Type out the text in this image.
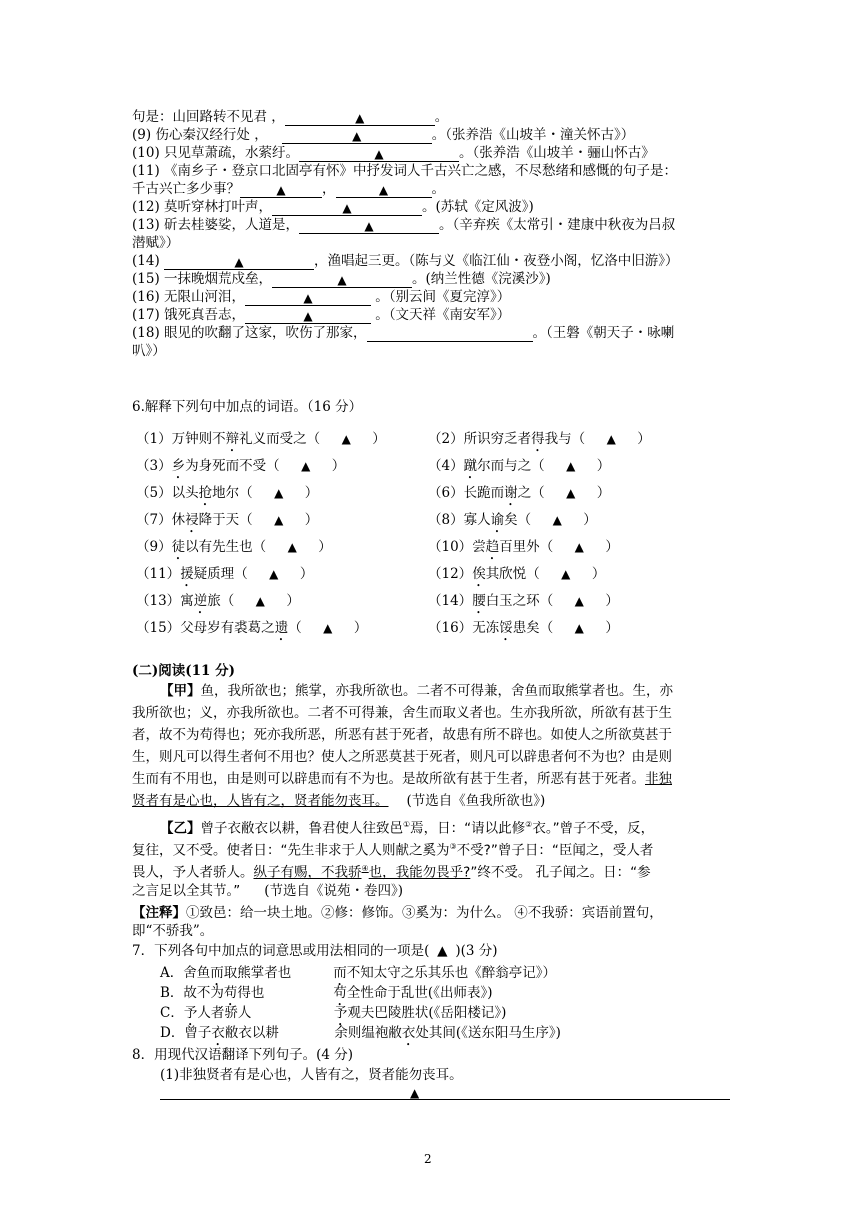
句是：山回路转不见君 ，	▲	。
(9) 伤心秦汉经行处 ，	▲	。（张养浩《山坡羊・潼关怀古》）
(10) 只见草萧疏，水萦纡。	▲	。（张养浩《山坡羊・骊山怀古》
(11) 《南乡子・登京口北固亭有怀》中抒发词人千古兴亡之感，不尽愁绪和感慨的句子是：
千古兴亡多少事？	▲	，	▲	。
(12) 莫听穿林打叶声，	▲	。(苏轼《定风波》)
(13) 斫去桂婆娑，人道是，	▲	。（辛弃疾《太常引・建康中秋夜为吕叔
潜赋》）
(14)	▲	，渔唱起三更。（陈与义《临江仙・夜登小阁，忆洛中旧游》）
(15) 一抹晚烟荒戍垒，	▲	。(纳兰性德《浣溪沙》)
(16) 无限山河泪，	▲	。（别云间《夏完淳》）
(17) 饿死真吾志，	▲	。（文天祥《南安军》）
(18) 眼见的吹翻了这家，吹伤了那家，	。（王磐《朝天子・咏喇
叭》）
6.解释下列句中加点的词语。（16 分）
（1）万钟则不辩礼义而受之（     ▲     ）	（2）所识穷乏者得我与（     ▲     ）
（3）乡为身死而不受（     ▲     ）	（4）蹴尔而与之（     ▲     ）
（5）以头抢地尔（     ▲     ）	（6）长跪而谢之（     ▲     ）
（7）休祲降于天（     ▲     ）	（8）寡人谕矣（     ▲     ）
（9）徒以有先生也（     ▲     ）	（10）尝趋百里外（     ▲     ）
（11）援疑质理（     ▲     ）	（12）俟其欣悦（     ▲     ）
（13）寓逆旅（     ▲     ）	（14）腰白玉之环（     ▲     ）
（15）父母岁有裘葛之遗（     ▲     ）	（16）无冻馁患矣（     ▲     ）
(二)阅读(11 分)
【甲】鱼，我所欲也；熊掌，亦我所欲也。二者不可得兼，舍鱼而取熊掌者也。生，亦
我所欲也；义，亦我所欲也。二者不可得兼，舍生而取义者也。生亦我所欲，所欲有甚于生
者，故不为苟得也；死亦我所恶，所恶有甚于死者，故患有所不辟也。如使人之所欲莫甚于
生，则凡可以得生者何不用也？使人之所恶莫甚于死者，则凡可以辟患者何不为也？由是则
生而有不用也，由是则可以辟患而有不为也。是故所欲有甚于生者，所恶有甚于死者。非独
贤者有是心也，人皆有之，贤者能勿丧耳。 (节选自《鱼我所欲也》)
【乙】曾子衣敝衣以耕，鲁君使人往致邑①焉，日：“请以此修②衣。”曾子不受，反，
复往，又不受。使者日：“先生非求于人人则献之奚为③不受?”曾子日：“臣闻之，受人者
畏人，予人者骄人。纵子有赐，不我骄④也，我能勿畏乎?”终不受。 孔子闻之。日：“参
之言足以全其节。” (节选自《说苑・卷四》)
【注释】①致邑：给一块土地。②修：修饰。③奚为：为什么。 ④不我骄：宾语前置句，
即“不骄我”。
7．下列各句中加点的词意思或用法相同的一项是( ▲ )(3 分)
A．舍鱼而取熊掌者也	而不知太守之乐其乐也《醉翁亭记》）
B．故不为苟得也	苟全性命于乱世(《出师表》)
C．予人者骄人	予观夫巴陵胜状(《岳阳楼记》)
D．曾子衣敝衣以耕	余则缊袍敝衣处其间(《送东阳马生序》)
8．用现代汉语翻译下列句子。(4 分)
(1)非独贤者有是心也，人皆有之，贤者能勿丧耳。
▲
2
